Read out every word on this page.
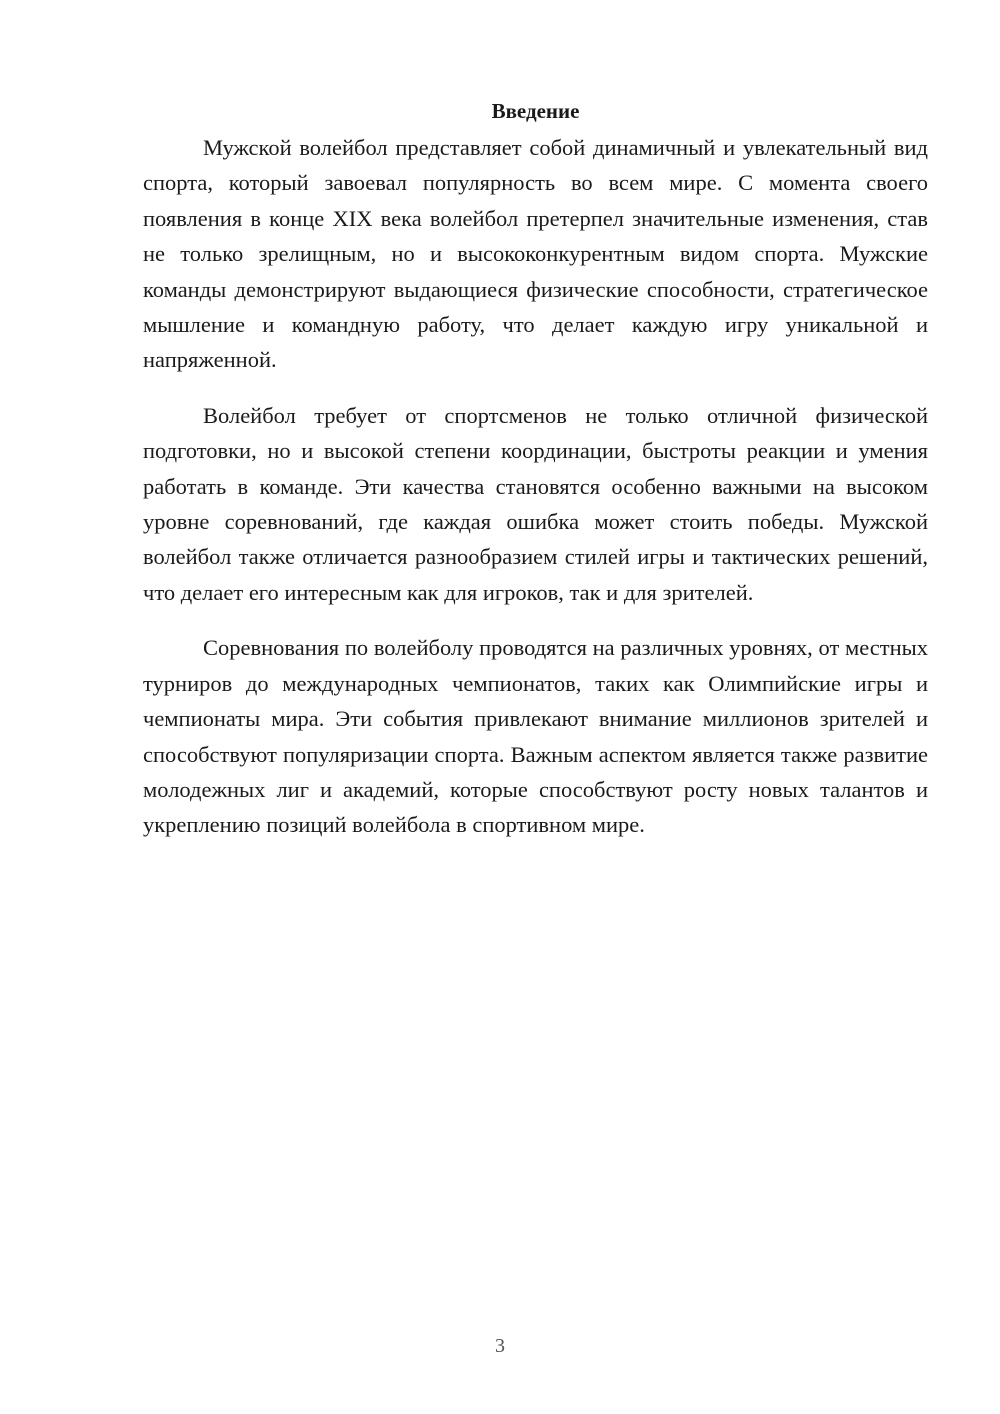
Введение

Мужской волейбол представляет собой динамичный и увлекательный вид спорта, который завоевал популярность во всем мире. С момента своего появления в конце XIX века волейбол претерпел значительные изменения, став не только зрелищным, но и высококонкурентным видом спорта. Мужские команды демонстрируют выдающиеся физические способности, стратегическое мышление и командную работу, что делает каждую игру уникальной и напряженной.

Волейбол требует от спортсменов не только отличной физической подготовки, но и высокой степени координации, быстроты реакции и умения работать в команде. Эти качества становятся особенно важными на высоком уровне соревнований, где каждая ошибка может стоить победы. Мужской волейбол также отличается разнообразием стилей игры и тактических решений, что делает его интересным как для игроков, так и для зрителей.

Соревнования по волейболу проводятся на различных уровнях, от местных турниров до международных чемпионатов, таких как Олимпийские игры и чемпионаты мира. Эти события привлекают внимание миллионов зрителей и способствуют популяризации спорта. Важным аспектом является также развитие молодежных лиг и академий, которые способствуют росту новых талантов и укреплению позиций волейбола в спортивном мире.

3
